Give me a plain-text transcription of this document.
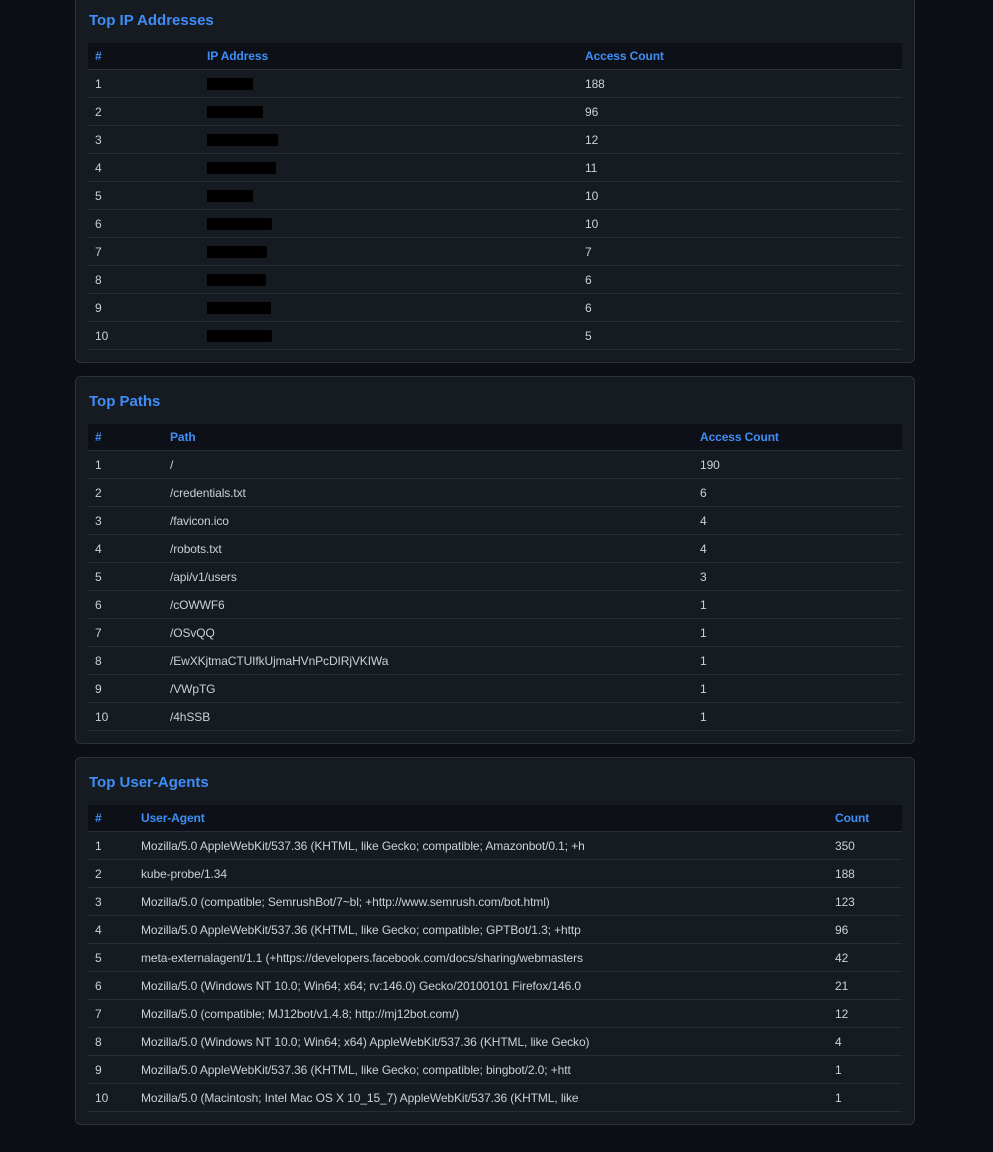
Top IP Addresses
#	IP Address	Access Count
1		188
2		96
3		12
4		11
5		10
6		10
7		7
8		6
9		6
10		5
Top Paths
#	Path	Access Count
1	/	190
2	/credentials.txt	6
3	/favicon.ico	4
4	/robots.txt	4
5	/api/v1/users	3
6	/cOWWF6	1
7	/OSvQQ	1
8	/EwXKjtmaCTUIfkUjmaHVnPcDIRjVKIWa	1
9	/VWpTG	1
10	/4hSSB	1
Top User-Agents
#	User-Agent	Count
1	Mozilla/5.0 AppleWebKit/537.36 (KHTML, like Gecko; compatible; Amazonbot/0.1; +h	350
2	kube-probe/1.34	188
3	Mozilla/5.0 (compatible; SemrushBot/7~bl; +http://www.semrush.com/bot.html)	123
4	Mozilla/5.0 AppleWebKit/537.36 (KHTML, like Gecko; compatible; GPTBot/1.3; +http	96
5	meta-externalagent/1.1 (+https://developers.facebook.com/docs/sharing/webmasters	42
6	Mozilla/5.0 (Windows NT 10.0; Win64; x64; rv:146.0) Gecko/20100101 Firefox/146.0	21
7	Mozilla/5.0 (compatible; MJ12bot/v1.4.8; http://mj12bot.com/)	12
8	Mozilla/5.0 (Windows NT 10.0; Win64; x64) AppleWebKit/537.36 (KHTML, like Gecko)	4
9	Mozilla/5.0 AppleWebKit/537.36 (KHTML, like Gecko; compatible; bingbot/2.0; +htt	1
10	Mozilla/5.0 (Macintosh; Intel Mac OS X 10_15_7) AppleWebKit/537.36 (KHTML, like	1
